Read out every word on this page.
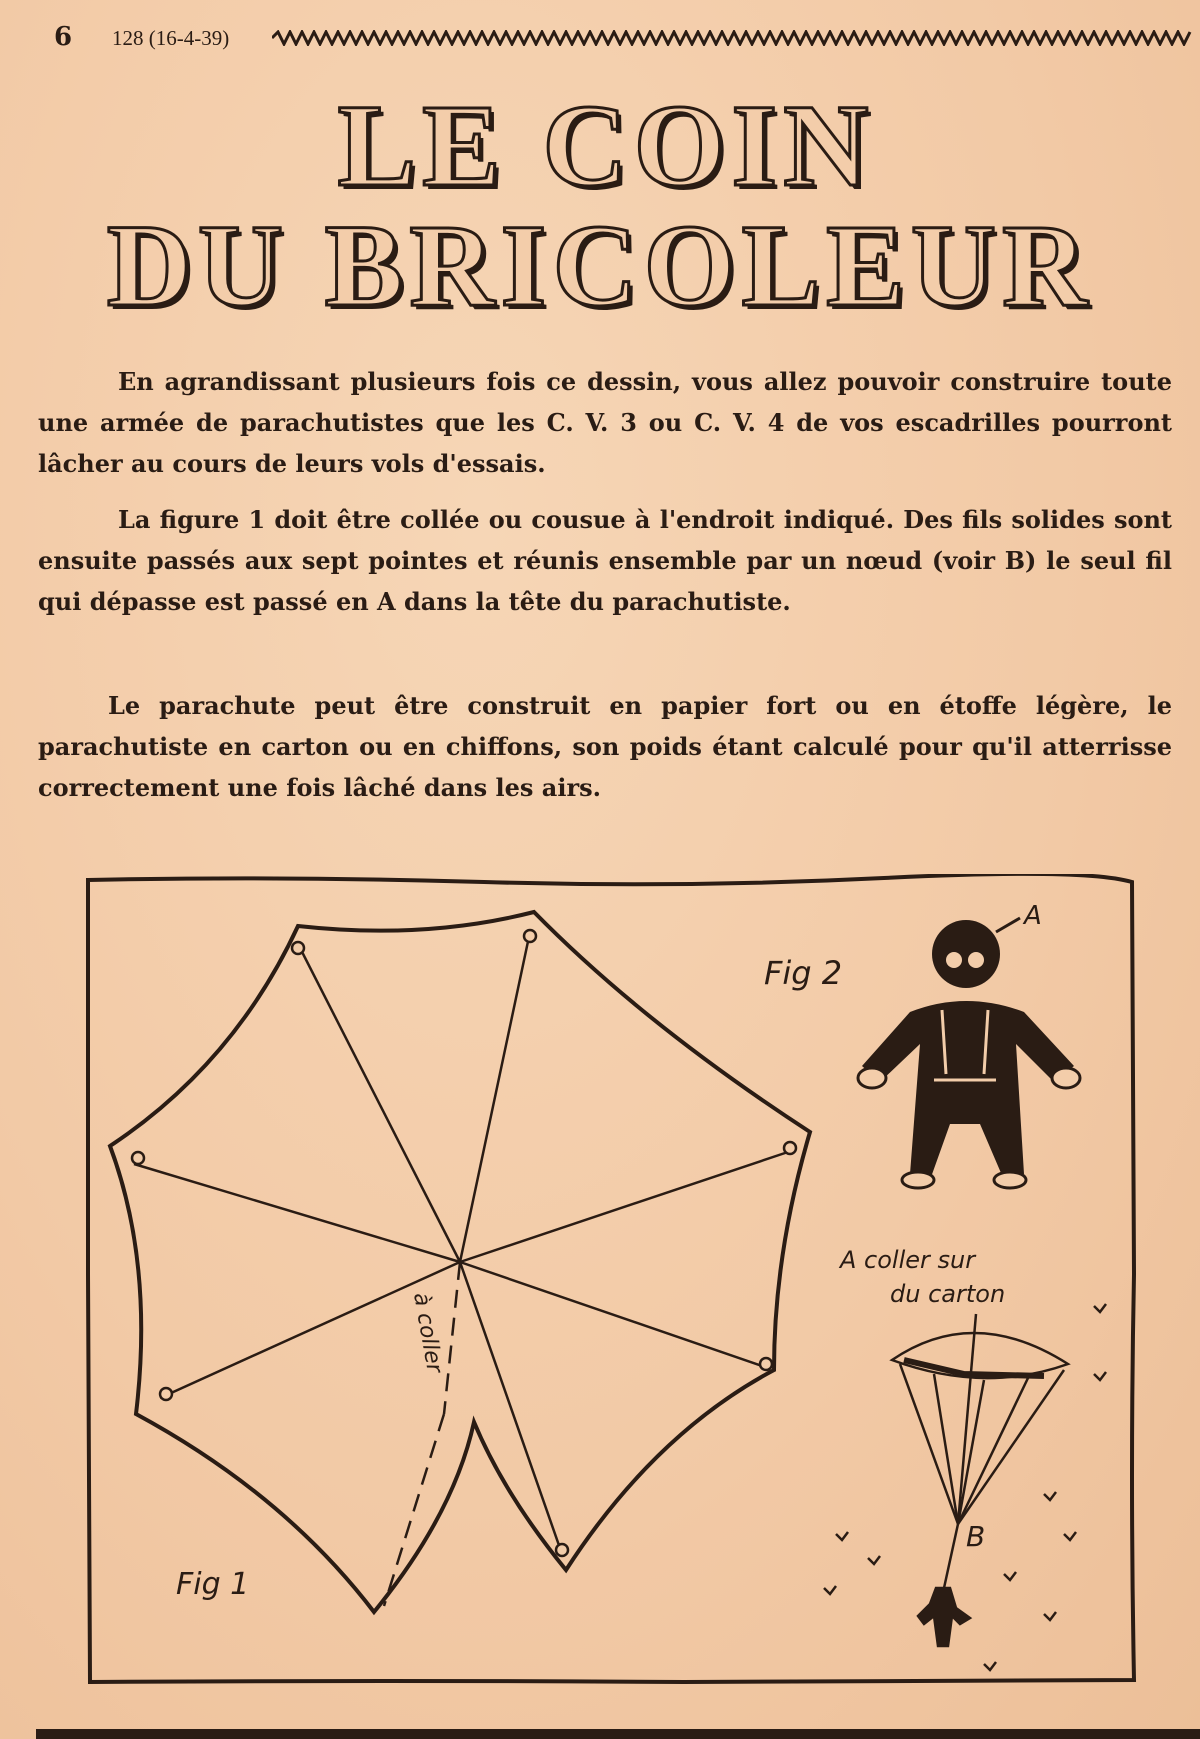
6 128 (16-4-39)
LE COIN
DU BRICOLEUR
En agrandissant plusieurs fois ce dessin, vous allez pouvoir construire toute une armée de parachutistes que les C. V. 3 ou C. V. 4 de vos escadrilles pourront lâcher au cours de leurs vols d'essais.
La figure 1 doit être collée ou cousue à l'endroit indiqué. Des fils solides sont ensuite passés aux sept pointes et réunis ensemble par un nœud (voir B) le seul fil qui dépasse est passé en A dans la tête du parachutiste.
Le parachute peut être construit en papier fort ou en étoffe légère, le parachutiste en carton ou en chiffons, son poids étant calculé pour qu'il atterrisse correctement une fois lâché dans les airs.
Fig 1
à coller
Fig 2
A
A coller sur
du carton
B
